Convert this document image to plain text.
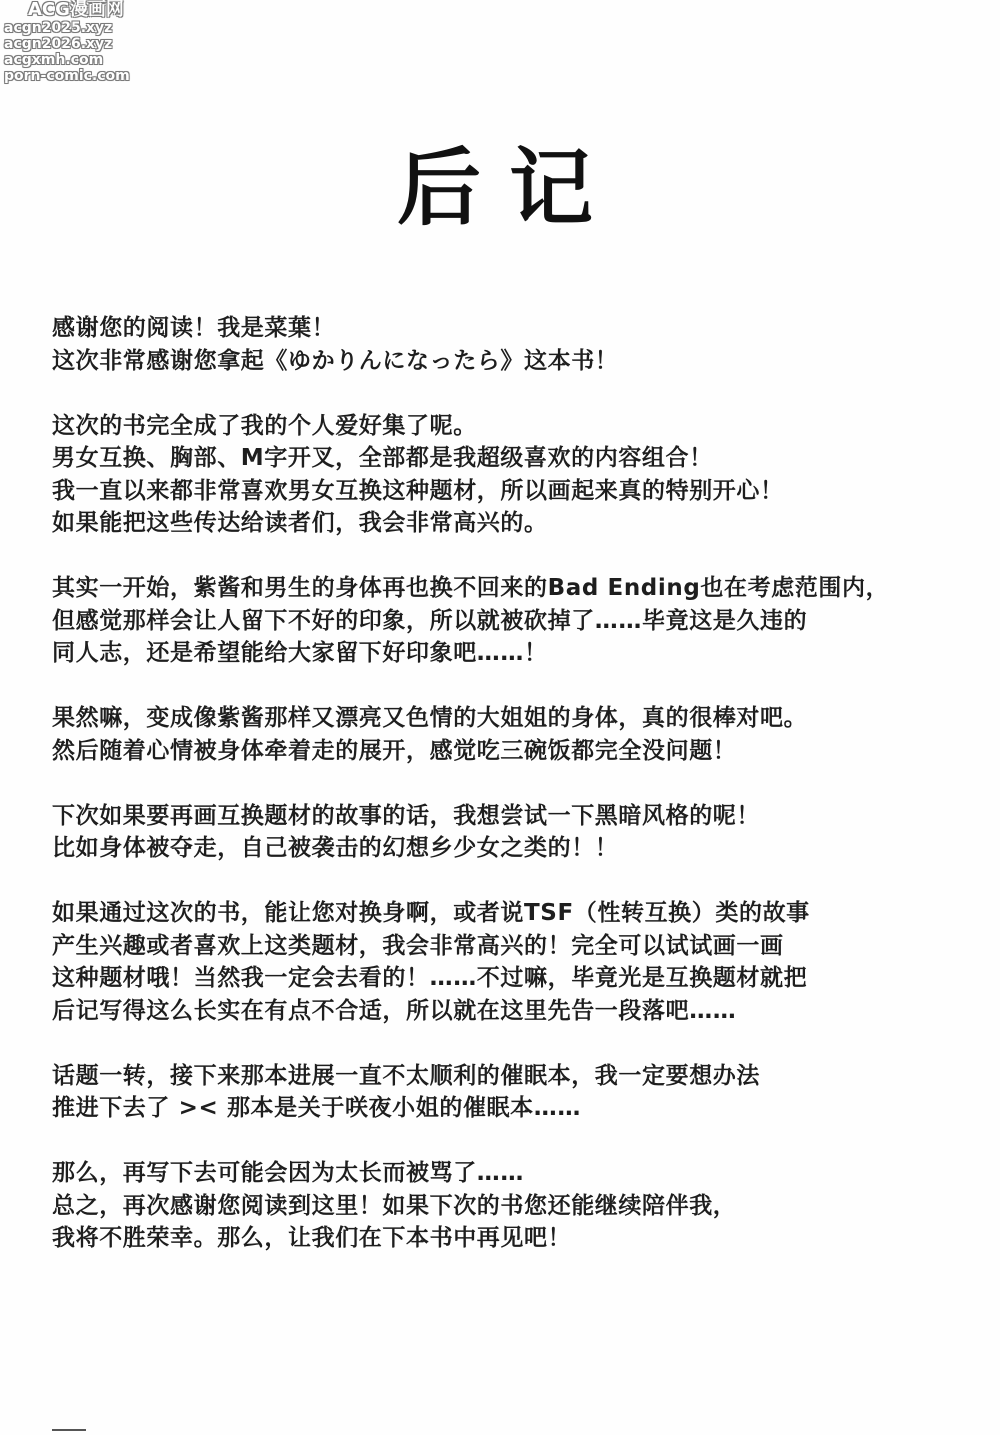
ACG漫画网
acgn2025.xyz
acgn2026.xyz
acgxmh.com
porn-comic.com
后记

感谢您的阅读！我是菜葉！
这次非常感谢您拿起《ゆかりんになったら》这本书！

这次的书完全成了我的个人爱好集了呢。
男女互换、胸部、M字开叉，全部都是我超级喜欢的内容组合！
我一直以来都非常喜欢男女互换这种题材，所以画起来真的特别开心！
如果能把这些传达给读者们，我会非常高兴的。

其实一开始，紫酱和男生的身体再也换不回来的Bad Ending也在考虑范围内，
但感觉那样会让人留下不好的印象，所以就被砍掉了……毕竟这是久违的
同人志，还是希望能给大家留下好印象吧……！

果然嘛，变成像紫酱那样又漂亮又色情的大姐姐的身体，真的很棒对吧。
然后随着心情被身体牵着走的展开，感觉吃三碗饭都完全没问题！

下次如果要再画互换题材的故事的话，我想尝试一下黑暗风格的呢！
比如身体被夺走，自己被袭击的幻想乡少女之类的！！

如果通过这次的书，能让您对换身啊，或者说TSF（性转互换）类的故事
产生兴趣或者喜欢上这类题材，我会非常高兴的！完全可以试试画一画
这种题材哦！当然我一定会去看的！……不过嘛，毕竟光是互换题材就把
后记写得这么长实在有点不合适，所以就在这里先告一段落吧……

话题一转，接下来那本进展一直不太顺利的催眠本，我一定要想办法
推进下去了 >< 那本是关于咲夜小姐的催眠本……

那么，再写下去可能会因为太长而被骂了……
总之，再次感谢您阅读到这里！如果下次的书您还能继续陪伴我，
我将不胜荣幸。那么，让我们在下本书中再见吧！
